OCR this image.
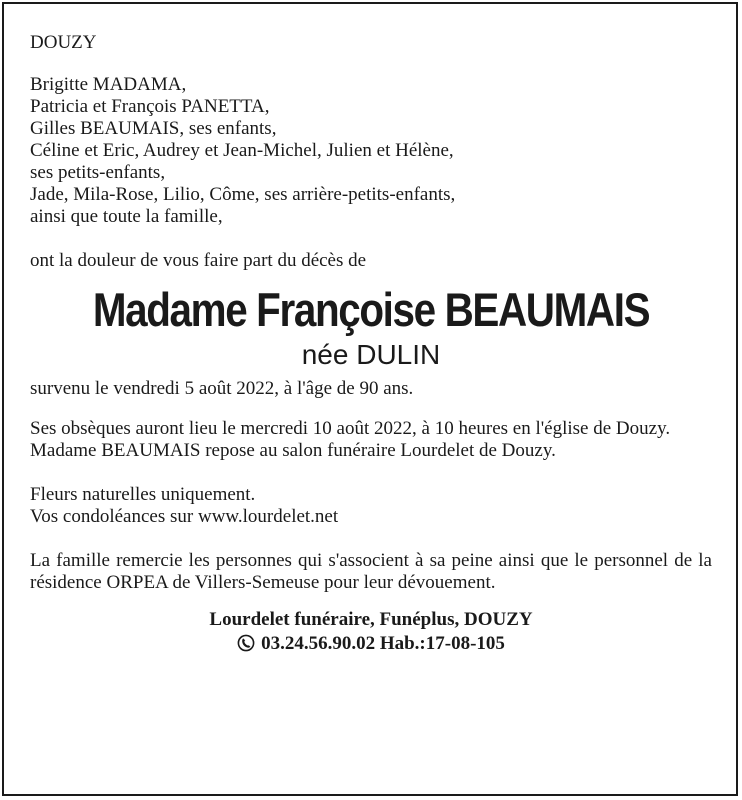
DOUZY
Brigitte MADAMA,
Patricia et François PANETTA,
Gilles BEAUMAIS, ses enfants,
Céline et Eric, Audrey et Jean-Michel, Julien et Hélène,
ses petits-enfants,
Jade, Mila-Rose, Lilio, Côme, ses arrière-petits-enfants,
ainsi que toute la famille,
ont la douleur de vous faire part du décès de
Madame Françoise BEAUMAIS
née DULIN
survenu le vendredi 5 août 2022, à l'âge de 90 ans.
Ses obsèques auront lieu le mercredi 10 août 2022, à 10 heures en l'église de Douzy.
Madame BEAUMAIS repose au salon funéraire Lourdelet de Douzy.
Fleurs naturelles uniquement.
Vos condoléances sur www.lourdelet.net
La famille remercie les personnes qui s'associent à sa peine ainsi que le personnel de la résidence ORPEA de Villers-Semeuse pour leur dévouement.
Lourdelet funéraire, Funéplus, DOUZY
03.24.56.90.02 Hab.:17-08-105
